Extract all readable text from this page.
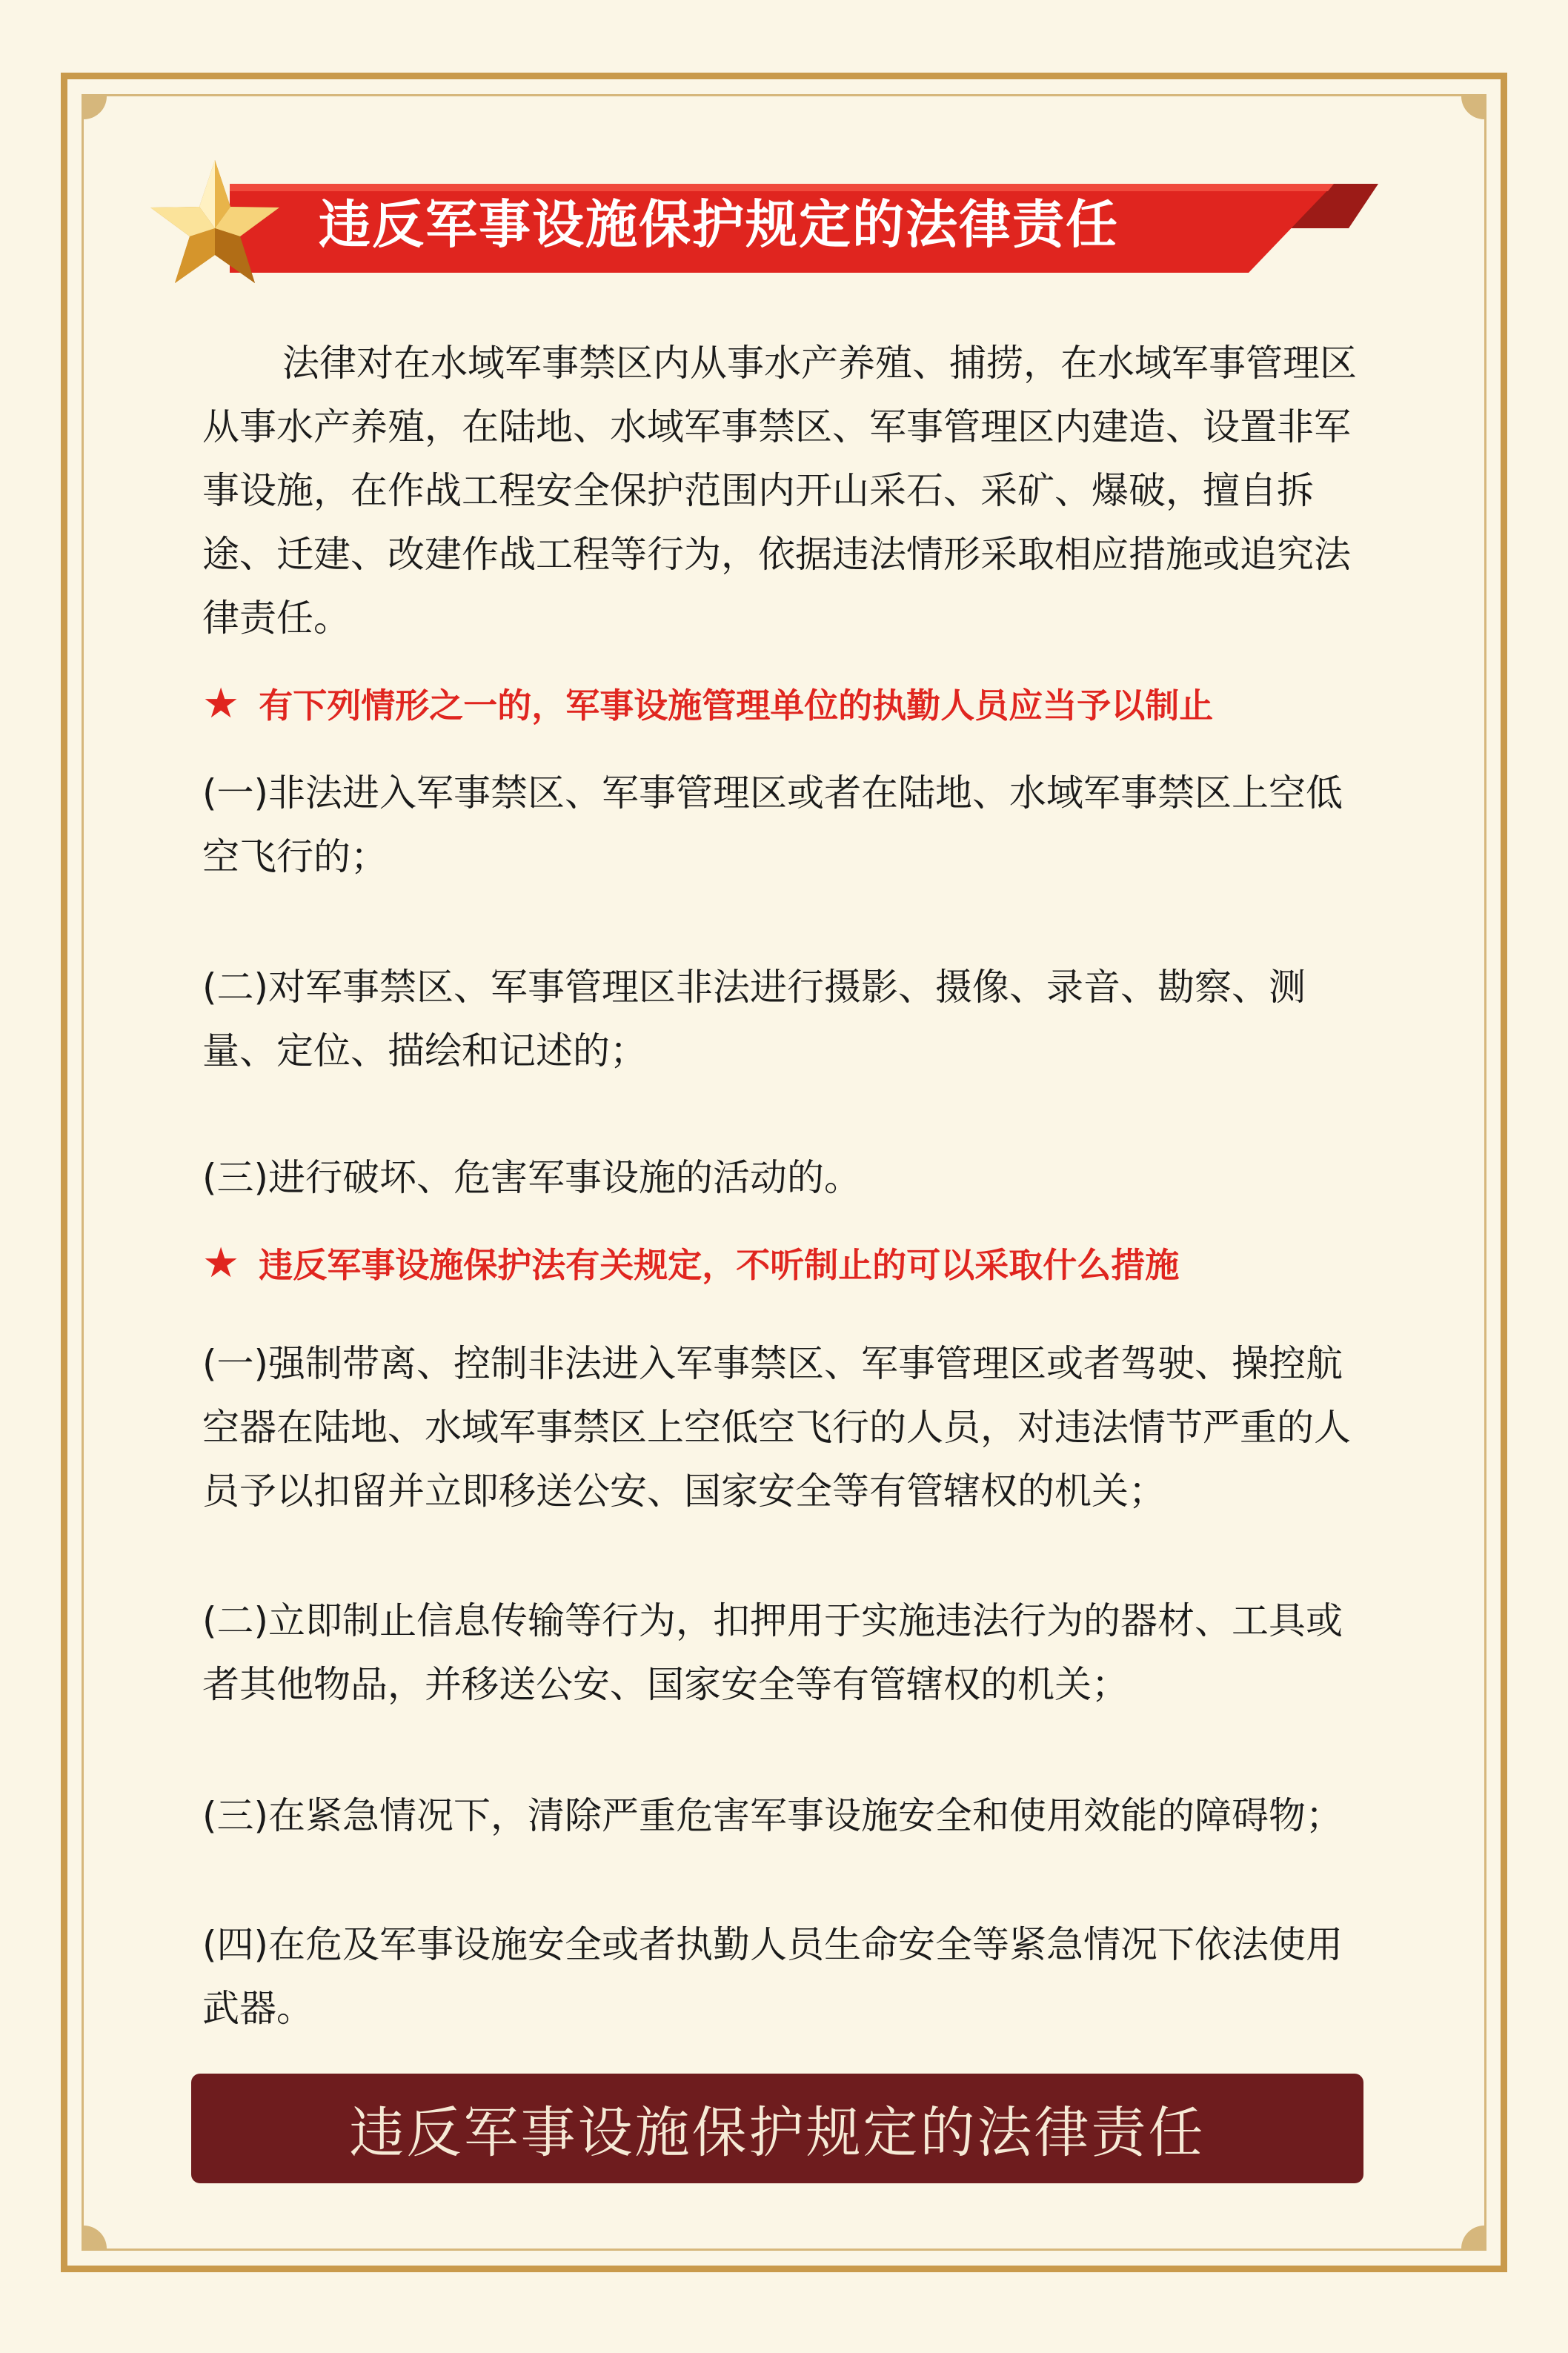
违反军事设施保护规定的法律责任

法律对在水域军事禁区内从事水产养殖、捕捞，在水域军事管理区从事水产养殖，在陆地、水域军事禁区、军事管理区内建造、设置非军事设施，在作战工程安全保护范围内开山采石、采矿、爆破，擅自拆途、迁建、改建作战工程等行为，依据违法情形采取相应措施或追究法律责任。

★ 有下列情形之一的，军事设施管理单位的执勤人员应当予以制止

(一)非法进入军事禁区、军事管理区或者在陆地、水域军事禁区上空低空飞行的；

(二)对军事禁区、军事管理区非法进行摄影、摄像、录音、勘察、测量、定位、描绘和记述的；

(三)进行破坏、危害军事设施的活动的。

★ 违反军事设施保护法有关规定，不听制止的可以采取什么措施

(一)强制带离、控制非法进入军事禁区、军事管理区或者驾驶、操控航空器在陆地、水域军事禁区上空低空飞行的人员，对违法情节严重的人员予以扣留并立即移送公安、国家安全等有管辖权的机关；

(二)立即制止信息传输等行为，扣押用于实施违法行为的器材、工具或者其他物品，并移送公安、国家安全等有管辖权的机关；

(三)在紧急情况下，清除严重危害军事设施安全和使用效能的障碍物；

(四)在危及军事设施安全或者执勤人员生命安全等紧急情况下依法使用武器。

违反军事设施保护规定的法律责任
